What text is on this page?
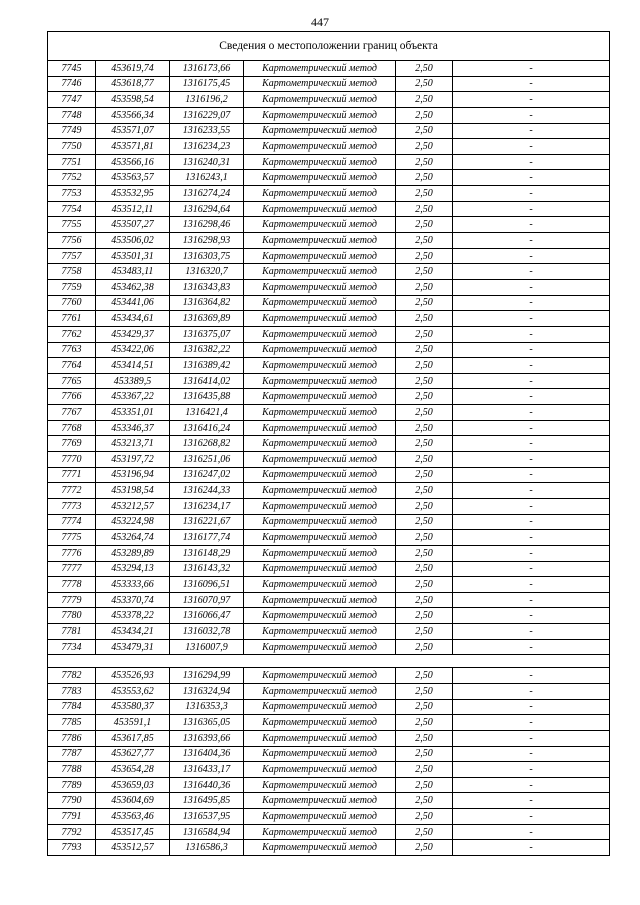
447
Сведения о местоположении границ объекта					
7745	453619,74	1316173,66	Картометрический метод	2,50	-
7746	453618,77	1316175,45	Картометрический метод	2,50	-
7747	453598,54	1316196,2	Картометрический метод	2,50	-
7748	453566,34	1316229,07	Картометрический метод	2,50	-
7749	453571,07	1316233,55	Картометрический метод	2,50	-
7750	453571,81	1316234,23	Картометрический метод	2,50	-
7751	453566,16	1316240,31	Картометрический метод	2,50	-
7752	453563,57	1316243,1	Картометрический метод	2,50	-
7753	453532,95	1316274,24	Картометрический метод	2,50	-
7754	453512,11	1316294,64	Картометрический метод	2,50	-
7755	453507,27	1316298,46	Картометрический метод	2,50	-
7756	453506,02	1316298,93	Картометрический метод	2,50	-
7757	453501,31	1316303,75	Картометрический метод	2,50	-
7758	453483,11	1316320,7	Картометрический метод	2,50	-
7759	453462,38	1316343,83	Картометрический метод	2,50	-
7760	453441,06	1316364,82	Картометрический метод	2,50	-
7761	453434,61	1316369,89	Картометрический метод	2,50	-
7762	453429,37	1316375,07	Картометрический метод	2,50	-
7763	453422,06	1316382,22	Картометрический метод	2,50	-
7764	453414,51	1316389,42	Картометрический метод	2,50	-
7765	453389,5	1316414,02	Картометрический метод	2,50	-
7766	453367,22	1316435,88	Картометрический метод	2,50	-
7767	453351,01	1316421,4	Картометрический метод	2,50	-
7768	453346,37	1316416,24	Картометрический метод	2,50	-
7769	453213,71	1316268,82	Картометрический метод	2,50	-
7770	453197,72	1316251,06	Картометрический метод	2,50	-
7771	453196,94	1316247,02	Картометрический метод	2,50	-
7772	453198,54	1316244,33	Картометрический метод	2,50	-
7773	453212,57	1316234,17	Картометрический метод	2,50	-
7774	453224,98	1316221,67	Картометрический метод	2,50	-
7775	453264,74	1316177,74	Картометрический метод	2,50	-
7776	453289,89	1316148,29	Картометрический метод	2,50	-
7777	453294,13	1316143,32	Картометрический метод	2,50	-
7778	453333,66	1316096,51	Картометрический метод	2,50	-
7779	453370,74	1316070,97	Картометрический метод	2,50	-
7780	453378,22	1316066,47	Картометрический метод	2,50	-
7781	453434,21	1316032,78	Картометрический метод	2,50	-
7734	453479,31	1316007,9	Картометрический метод	2,50	-

7782	453526,93	1316294,99	Картометрический метод	2,50	-
7783	453553,62	1316324,94	Картометрический метод	2,50	-
7784	453580,37	1316353,3	Картометрический метод	2,50	-
7785	453591,1	1316365,05	Картометрический метод	2,50	-
7786	453617,85	1316393,66	Картометрический метод	2,50	-
7787	453627,77	1316404,36	Картометрический метод	2,50	-
7788	453654,28	1316433,17	Картометрический метод	2,50	-
7789	453659,03	1316440,36	Картометрический метод	2,50	-
7790	453604,69	1316495,85	Картометрический метод	2,50	-
7791	453563,46	1316537,95	Картометрический метод	2,50	-
7792	453517,45	1316584,94	Картометрический метод	2,50	-
7793	453512,57	1316586,3	Картометрический метод	2,50	-
